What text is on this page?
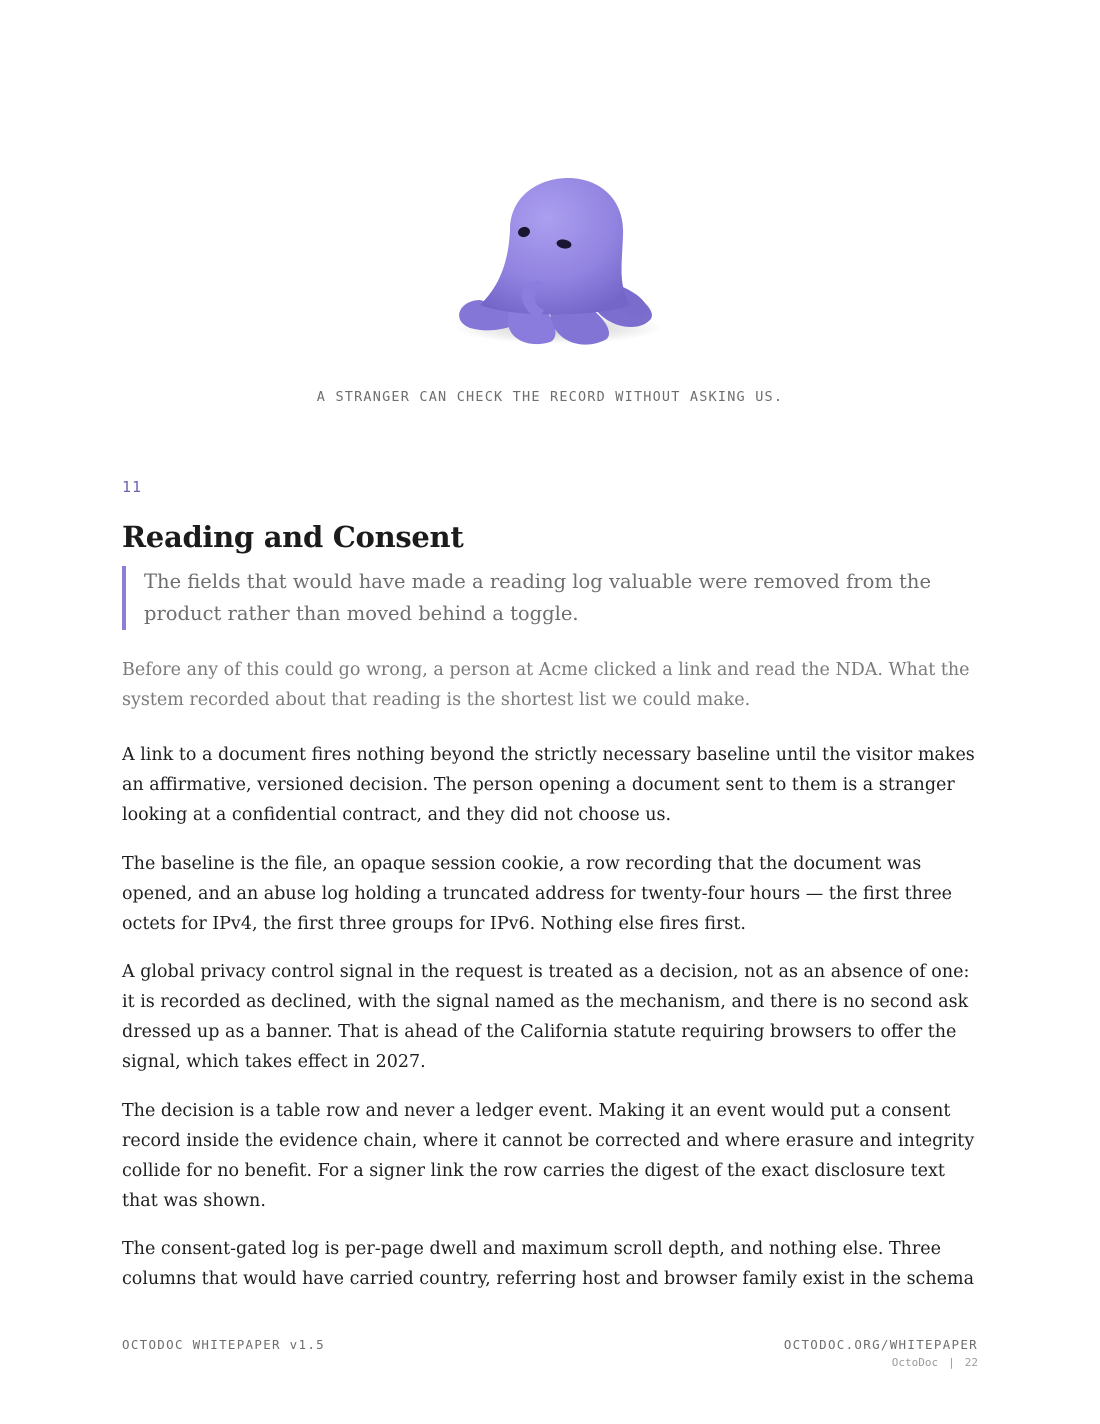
A STRANGER CAN CHECK THE RECORD WITHOUT ASKING US.
11
Reading and Consent
The fields that would have made a reading log valuable were removed from the product rather than moved behind a toggle.
Before any of this could go wrong, a person at Acme clicked a link and read the NDA. What the system recorded about that reading is the shortest list we could make.

A link to a document fires nothing beyond the strictly necessary baseline until the visitor makes an affirmative, versioned decision. The person opening a document sent to them is a stranger looking at a confidential contract, and they did not choose us.

The baseline is the file, an opaque session cookie, a row recording that the document was opened, and an abuse log holding a truncated address for twenty-four hours — the first three octets for IPv4, the first three groups for IPv6. Nothing else fires first.

A global privacy control signal in the request is treated as a decision, not as an absence of one: it is recorded as declined, with the signal named as the mechanism, and there is no second ask dressed up as a banner. That is ahead of the California statute requiring browsers to offer the signal, which takes effect in 2027.

The decision is a table row and never a ledger event. Making it an event would put a consent record inside the evidence chain, where it cannot be corrected and where erasure and integrity collide for no benefit. For a signer link the row carries the digest of the exact disclosure text that was shown.

The consent-gated log is per-page dwell and maximum scroll depth, and nothing else. Three columns that would have carried country, referring host and browser family exist in the schema

OCTODOC WHITEPAPER v1.5	OCTODOC.ORG/WHITEPAPER
OctoDoc | 22
